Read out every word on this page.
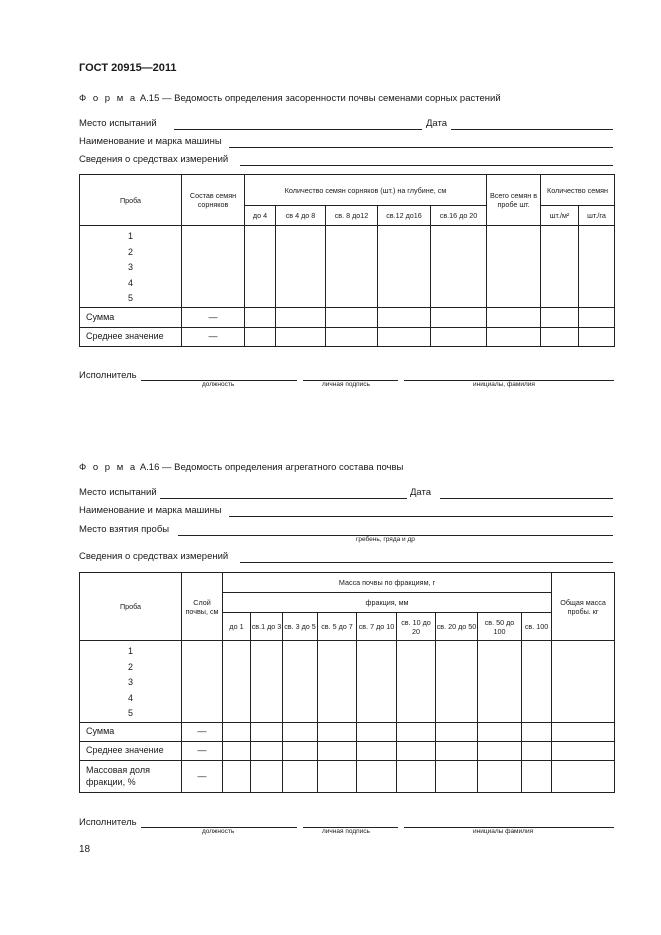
ГОСТ 20915—2011
Ф о р м а А.15 — Ведомость определения засоренности почвы семенами сорных растений
Место испытаний	Дата
Наименование и марка машины
Сведения о средствах измерений
Проба	Состав семян сорняков	Количество семян сорняков (шт.) на глубине, см					Всего семян в пробе шт.	Количество семян	
		до 4	св 4 до 8	св. 8 до12	св.12 до16	св.16 до 20		шт./м²	шт./га

1
2
3
4
5									

Сумма	—								
Среднее значение	—								
Исполнитель
должность	личная подпись	инициалы, фамилия
Ф о р м а А.16 — Ведомость определения агрегатного состава почвы
Место испытаний	Дата
Наименование и марка машины
Место взятия пробы
гребень, гряда и др
Сведения о средствах измерений
Проба	Слой почвы, см	Масса почвы по фракциям, г									Общая масса пробы. кг
		фракция, мм									
		до 1	св.1 до 3	св. 3 до 5	св. 5 до 7	св. 7 до 10	св. 10 до 20	св. 20 до 50	св. 50 до 100	св. 100	

1
2
3
4
5											

Сумма	—										
Среднее значение	—										
Массовая доля фракции, %	—										
Исполнитель
должность	личная подпись	инициалы фамилия
18
